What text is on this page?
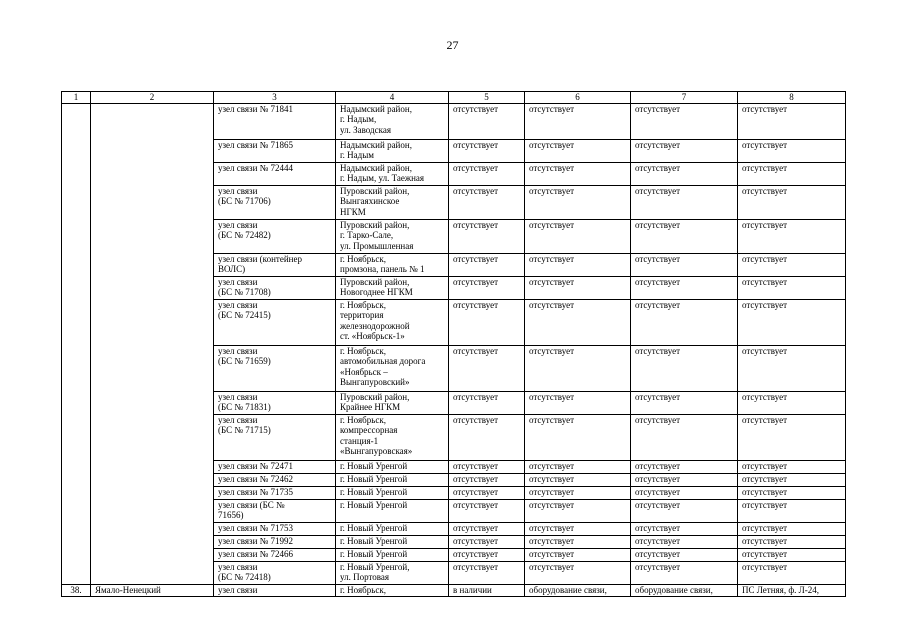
27
1	2	3	4	5	6	7	8
		узел связи № 71841	Надымский район,
г. Надым,
ул. Заводская	отсутствует	отсутствует	отсутствует	отсутствует
		узел связи № 71865	Надымский район,
г. Надым	отсутствует	отсутствует	отсутствует	отсутствует
		узел связи № 72444	Надымский район,
г. Надым, ул. Таежная	отсутствует	отсутствует	отсутствует	отсутствует
		узел связи
(БС № 71706)	Пуровский район,
Вынгаяхинское
НГКМ	отсутствует	отсутствует	отсутствует	отсутствует
		узел связи
(БС № 72482)	Пуровский район,
г. Тарко-Сале,
ул. Промышленная	отсутствует	отсутствует	отсутствует	отсутствует
		узел связи (контейнер
ВОЛС)	г. Ноябрьск,
промзона, панель № 1	отсутствует	отсутствует	отсутствует	отсутствует
		узел связи
(БС № 71708)	Пуровский район,
Новогоднее НГКМ	отсутствует	отсутствует	отсутствует	отсутствует
		узел связи
(БС № 72415)	г. Ноябрьск,
территория
железнодорожной
ст. «Ноябрьск-1»	отсутствует	отсутствует	отсутствует	отсутствует
		узел связи
(БС № 71659)	г. Ноябрьск,
автомобильная дорога
«Ноябрьск –
Вынгапуровский»	отсутствует	отсутствует	отсутствует	отсутствует
		узел связи
(БС № 71831)	Пуровский район,
Крайнее НГКМ	отсутствует	отсутствует	отсутствует	отсутствует
		узел связи
(БС № 71715)	г. Ноябрьск,
компрессорная
станция-1
«Вынгапуровская»	отсутствует	отсутствует	отсутствует	отсутствует
		узел связи № 72471	г. Новый Уренгой	отсутствует	отсутствует	отсутствует	отсутствует
		узел связи № 72462	г. Новый Уренгой	отсутствует	отсутствует	отсутствует	отсутствует
		узел связи № 71735	г. Новый Уренгой	отсутствует	отсутствует	отсутствует	отсутствует
		узел связи (БС №
71656)	г. Новый Уренгой	отсутствует	отсутствует	отсутствует	отсутствует
		узел связи № 71753	г. Новый Уренгой	отсутствует	отсутствует	отсутствует	отсутствует
		узел связи № 71992	г. Новый Уренгой	отсутствует	отсутствует	отсутствует	отсутствует
		узел связи № 72466	г. Новый Уренгой	отсутствует	отсутствует	отсутствует	отсутствует
		узел связи
(БС № 72418)	г. Новый Уренгой,
ул. Портовая	отсутствует	отсутствует	отсутствует	отсутствует
38.	Ямало-Ненецкий	узел связи	г. Ноябрьск,	в наличии	оборудование связи,	оборудование связи,	ПС Летняя, ф. Л-24,
